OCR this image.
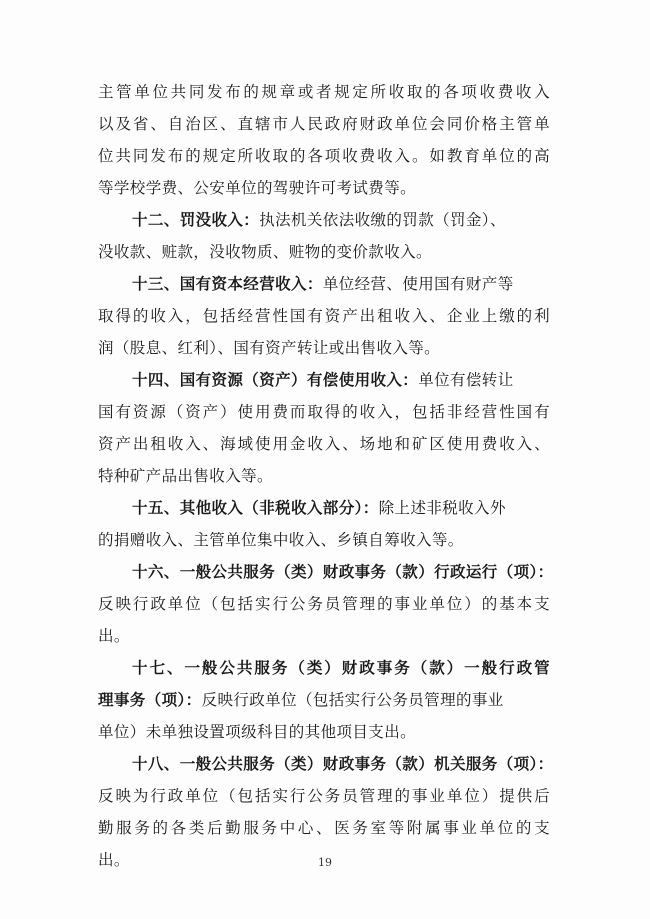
主管单位共同发布的规章或者规定所收取的各项收费收入
以及省、自治区、直辖市人民政府财政单位会同价格主管单
位共同发布的规定所收取的各项收费收入。如教育单位的高
等学校学费、公安单位的驾驶许可考试费等。
十二、罚没收入：执法机关依法收缴的罚款（罚金）、
没收款、赃款，没收物质、赃物的变价款收入。
十三、国有资本经营收入：单位经营、使用国有财产等
取得的收入，包括经营性国有资产出租收入、企业上缴的利
润（股息、红利）、国有资产转让或出售收入等。
十四、国有资源（资产）有偿使用收入：单位有偿转让
国有资源（资产）使用费而取得的收入，包括非经营性国有
资产出租收入、海域使用金收入、场地和矿区使用费收入、
特种矿产品出售收入等。
十五、其他收入（非税收入部分）：除上述非税收入外
的捐赠收入、主管单位集中收入、乡镇自筹收入等。
十六、一般公共服务（类）财政事务（款）行政运行（项）：
反映行政单位（包括实行公务员管理的事业单位）的基本支
出。
十七、一般公共服务（类）财政事务（款）一般行政管
理事务（项）：反映行政单位（包括实行公务员管理的事业
单位）未单独设置项级科目的其他项目支出。
十八、一般公共服务（类）财政事务（款）机关服务（项）：
反映为行政单位（包括实行公务员管理的事业单位）提供后
勤服务的各类后勤服务中心、医务室等附属事业单位的支
出。	19
